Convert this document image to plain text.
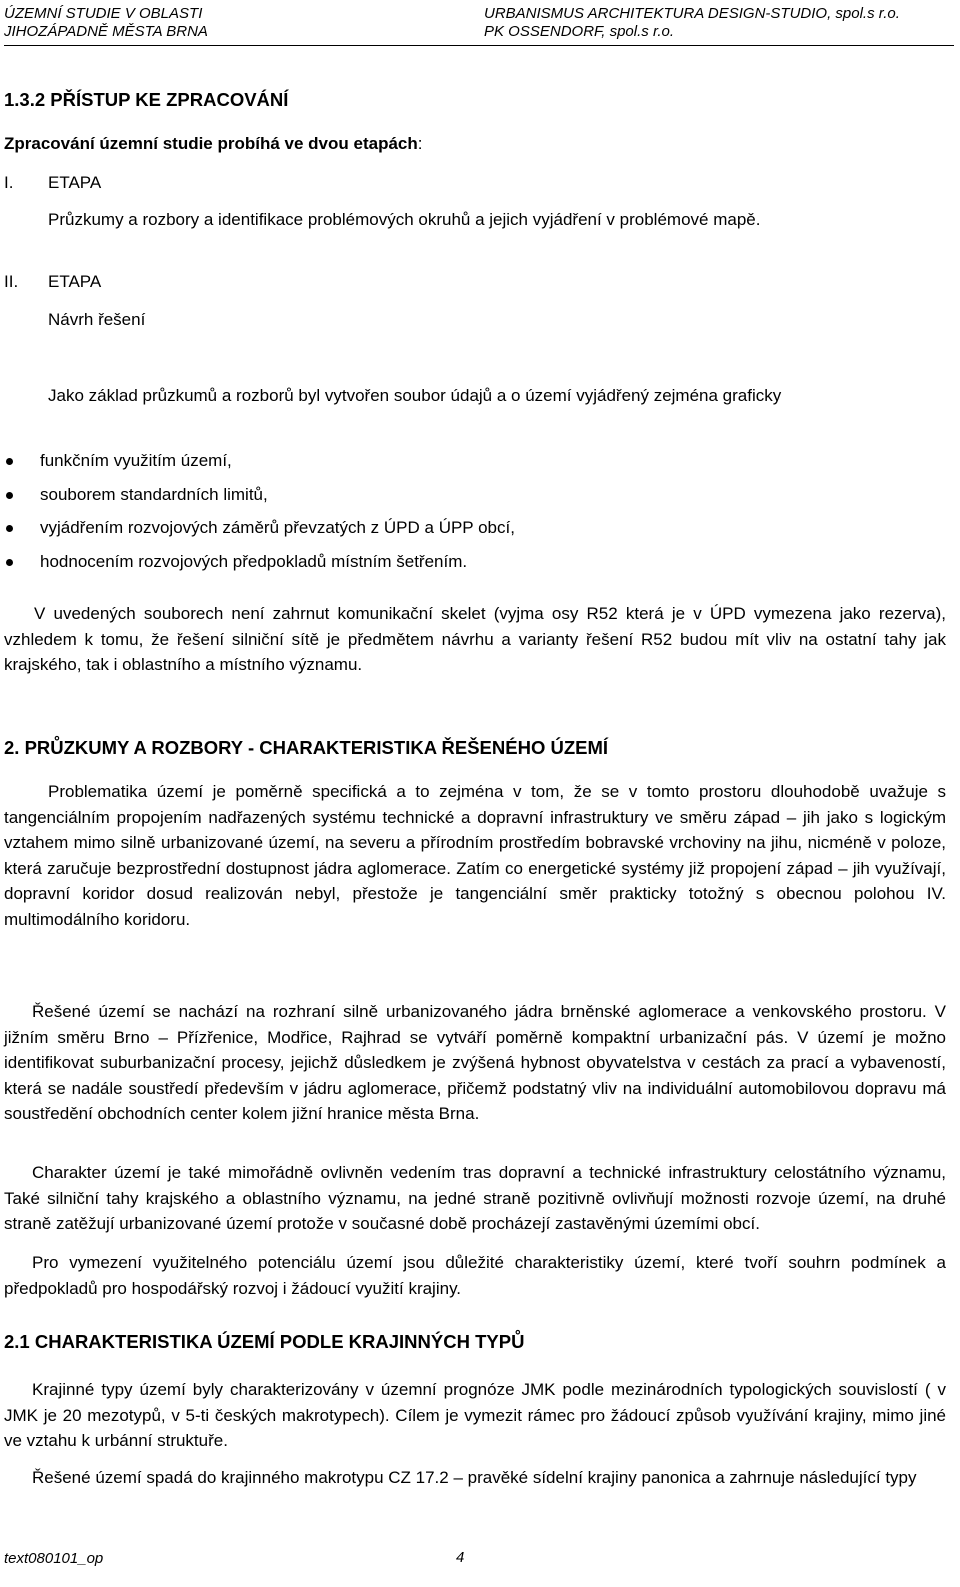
ÚZEMNÍ STUDIE V OBLASTI
JIHOZÁPADNĚ MĚSTA BRNA
URBANISMUS ARCHITEKTURA DESIGN-STUDIO, spol.s r.o.
PK OSSENDORF, spol.s r.o.
1.3.2 PŘÍSTUP KE ZPRACOVÁNÍ
Zpracování územní studie probíhá ve dvou etapách:
I. ETAPA
Průzkumy a rozbory a identifikace problémových okruhů a jejich vyjádření v problémové mapě.
II. ETAPA
Návrh řešení
Jako základ průzkumů a rozborů byl vytvořen soubor údajů a o území vyjádřený zejména graficky
funkčním využitím území,
souborem standardních limitů,
vyjádřením rozvojových záměrů převzatých z ÚPD a ÚPP obcí,
hodnocením rozvojových předpokladů místním šetřením.
V uvedených souborech není zahrnut komunikační skelet (vyjma osy R52 která je v ÚPD vymezena jako rezerva), vzhledem k tomu, že řešení silniční sítě je předmětem návrhu a varianty řešení R52 budou mít vliv na ostatní tahy jak krajského, tak i oblastního a místního významu.
2. PRŮZKUMY A ROZBORY - CHARAKTERISTIKA ŘEŠENÉHO ÚZEMÍ
Problematika území je poměrně specifická a to zejména v tom, že se v tomto prostoru dlouhodobě uvažuje s tangenciálním propojením nadřazených systému technické a dopravní infrastruktury ve směru západ – jih jako s logickým vztahem mimo silně urbanizované území, na severu a přírodním prostředím bobravské vrchoviny na jihu, nicméně v poloze, která zaručuje bezprostřední dostupnost jádra aglomerace. Zatím co energetické systémy již propojení západ – jih využívají, dopravní koridor dosud realizován nebyl, přestože je tangenciální směr prakticky totožný s obecnou polohou IV. multimodálního koridoru.
Řešené území se nachází na rozhraní silně urbanizovaného jádra brněnské aglomerace a venkovského prostoru. V jižním směru Brno – Přízřenice, Modřice, Rajhrad se vytváří poměrně kompaktní urbanizační pás. V území je možno identifikovat suburbanizační procesy, jejichž důsledkem je zvýšená hybnost obyvatelstva v cestách za prací a vybaveností, která se nadále soustředí především v jádru aglomerace, přičemž podstatný vliv na individuální automobilovou dopravu má soustředění obchodních center kolem jižní hranice města Brna.
Charakter území je také mimořádně ovlivněn vedením tras dopravní a technické infrastruktury celostátního významu, Také silniční tahy krajského a oblastního významu, na jedné straně pozitivně ovlivňují možnosti rozvoje území, na druhé straně zatěžují urbanizované území protože v současné době procházejí zastavěnými územími obcí.
Pro vymezení využitelného potenciálu území jsou důležité charakteristiky území, které tvoří souhrn podmínek a předpokladů pro hospodářský rozvoj i žádoucí využití krajiny.
2.1 CHARAKTERISTIKA ÚZEMÍ PODLE KRAJINNÝCH TYPŮ
Krajinné typy území byly charakterizovány v územní prognóze JMK podle mezinárodních typologických souvislostí ( v JMK je 20 mezotypů, v 5-ti českých makrotypech). Cílem je vymezit rámec pro žádoucí způsob využívání krajiny, mimo jiné ve vztahu k urbánní struktuře.
Řešené území spadá do krajinného makrotypu CZ 17.2 – pravěké sídelní krajiny panonica a zahrnuje následující typy
text080101_op	4
